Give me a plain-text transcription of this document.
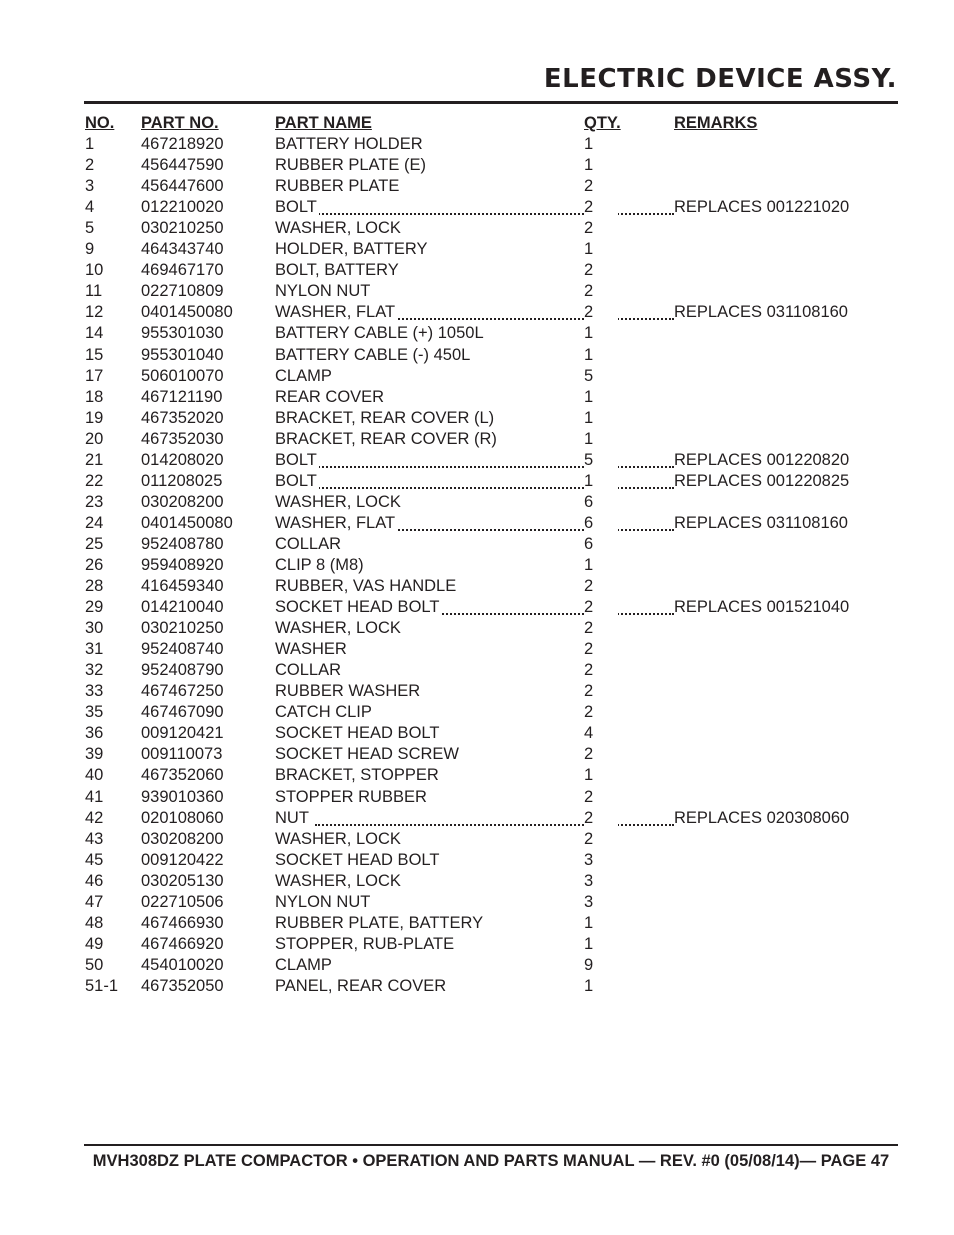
ELECTRIC DEVICE ASSY.
NO. PART NO.	PART NAME	QTY.	REMARKS
1	467218920	BATTERY HOLDER	1
2	456447590	RUBBER PLATE (E)	1
3	456447600	RUBBER PLATE	2
4	012210020	BOLT	2	REPLACES 001221020
5	030210250	WASHER, LOCK	2
9	464343740	HOLDER, BATTERY	1
10 469467170	BOLT, BATTERY	2
11 022710809	NYLON NUT	2
12 0401450080	WASHER, FLAT	2	REPLACES 031108160
14 955301030	BATTERY CABLE (+) 1050L	1
15 955301040	BATTERY CABLE (-) 450L	1
17 506010070	CLAMP	5
18 467121190	REAR COVER	1
19 467352020	BRACKET, REAR COVER (L)	1
20 467352030	BRACKET, REAR COVER (R)	1
21 014208020	BOLT	5	REPLACES 001220820
22 011208025	BOLT	1	REPLACES 001220825
23 030208200	WASHER, LOCK	6
24 0401450080	WASHER, FLAT	6	REPLACES 031108160
25 952408780	COLLAR	6
26 959408920	CLIP 8 (M8)	1
28 416459340	RUBBER, VAS HANDLE	2
29 014210040	SOCKET HEAD BOLT	2	REPLACES 001521040
30 030210250	WASHER, LOCK	2
31 952408740	WASHER	2
32 952408790	COLLAR	2
33 467467250	RUBBER WASHER	2
35 467467090	CATCH CLIP	2
36 009120421	SOCKET HEAD BOLT	4
39 009110073	SOCKET HEAD SCREW	2
40 467352060	BRACKET, STOPPER	1
41 939010360	STOPPER RUBBER	2
42 020108060	NUT	2	REPLACES 020308060
43 030208200	WASHER, LOCK	2
45 009120422	SOCKET HEAD BOLT	3
46 030205130	WASHER, LOCK	3
47 022710506	NYLON NUT	3
48 467466930	RUBBER PLATE, BATTERY	1
49 467466920	STOPPER, RUB-PLATE	1
50 454010020	CLAMP	9
51-1 467352050	PANEL, REAR COVER	1
MVH308DZ PLATE COMPACTOR • OPERATION AND PARTS MANUAL — REV. #0 (05/08/14)— PAGE 47
